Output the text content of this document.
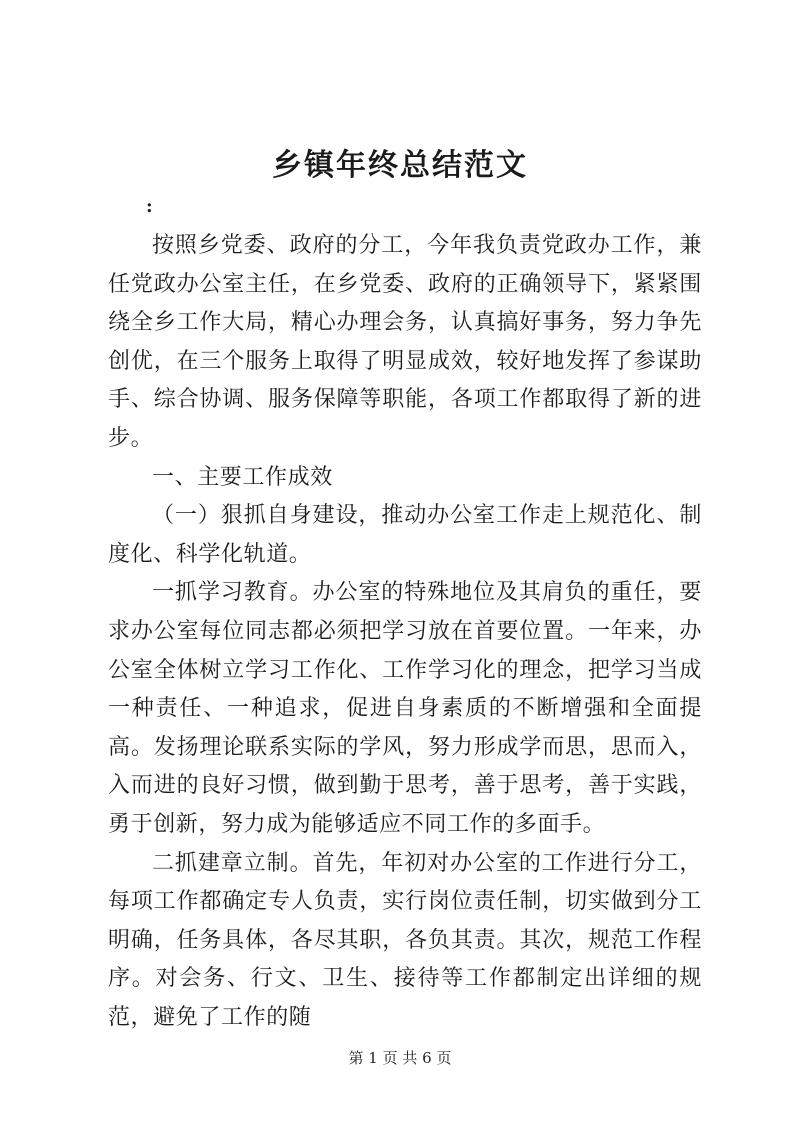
乡镇年终总结范文
:

按照乡党委、政府的分工，今年我负责党政办工作，兼任党政办公室主任，在乡党委、政府的正确领导下，紧紧围绕全乡工作大局，精心办理会务，认真搞好事务，努力争先创优，在三个服务上取得了明显成效，较好地发挥了参谋助手、综合协调、服务保障等职能，各项工作都取得了新的进步。

一、主要工作成效

（一）狠抓自身建设，推动办公室工作走上规范化、制度化、科学化轨道。

一抓学习教育。办公室的特殊地位及其肩负的重任，要求办公室每位同志都必须把学习放在首要位置。一年来，办公室全体树立学习工作化、工作学习化的理念，把学习当成一种责任、一种追求，促进自身素质的不断增强和全面提高。发扬理论联系实际的学风，努力形成学而思，思而入，入而进的良好习惯，做到勤于思考，善于思考，善于实践，勇于创新，努力成为能够适应不同工作的多面手。

二抓建章立制。首先，年初对办公室的工作进行分工，每项工作都确定专人负责，实行岗位责任制，切实做到分工明确，任务具体，各尽其职，各负其责。其次，规范工作程序。对会务、行文、卫生、接待等工作都制定出详细的规范，避免了工作的随

第 1 页 共 6 页
